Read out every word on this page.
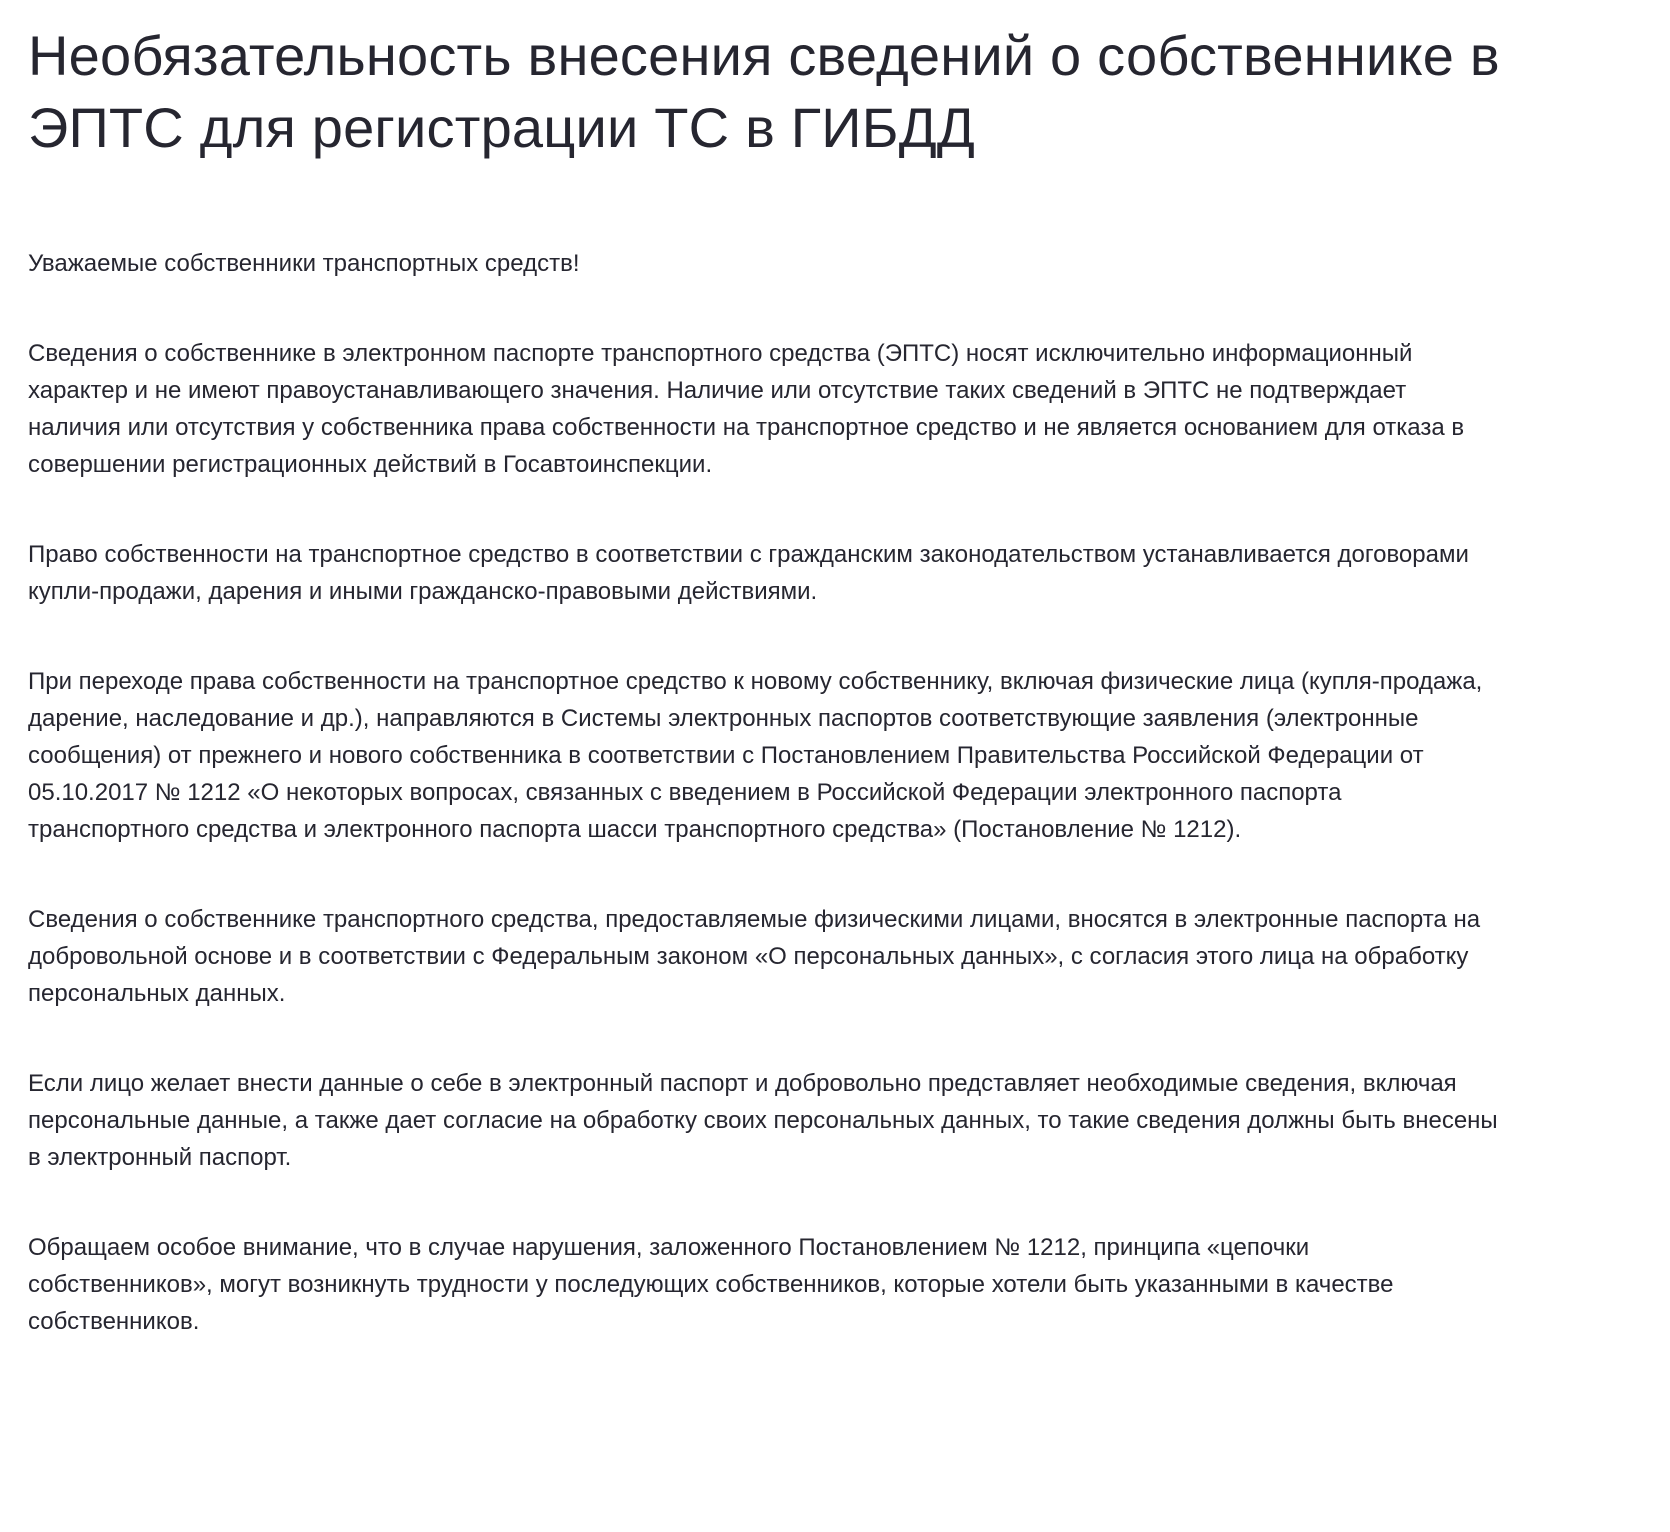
Необязательность внесения сведений о собственнике в ЭПТС для регистрации ТС в ГИБДД

Уважаемые собственники транспортных средств!

Сведения о собственнике в электронном паспорте транспортного средства (ЭПТС) носят исключительно информационный характер и не имеют правоустанавливающего значения. Наличие или отсутствие таких сведений в ЭПТС не подтверждает наличия или отсутствия у собственника права собственности на транспортное средство и не является основанием для отказа в совершении регистрационных действий в Госавтоинспекции.

Право собственности на транспортное средство в соответствии с гражданским законодательством устанавливается договорами купли-продажи, дарения и иными гражданско-правовыми действиями.

При переходе права собственности на транспортное средство к новому собственнику, включая физические лица (купля-продажа, дарение, наследование и др.), направляются в Системы электронных паспортов соответствующие заявления (электронные сообщения) от прежнего и нового собственника в соответствии с Постановлением Правительства Российской Федерации от 05.10.2017 № 1212 «О некоторых вопросах, связанных с введением в Российской Федерации электронного паспорта транспортного средства и электронного паспорта шасси транспортного средства» (Постановление № 1212).

Сведения о собственнике транспортного средства, предоставляемые физическими лицами, вносятся в электронные паспорта на добровольной основе и в соответствии с Федеральным законом «О персональных данных», с согласия этого лица на обработку персональных данных.

Если лицо желает внести данные о себе в электронный паспорт и добровольно представляет необходимые сведения, включая персональные данные, а также дает согласие на обработку своих персональных данных, то такие сведения должны быть внесены в электронный паспорт.

Обращаем особое внимание, что в случае нарушения, заложенного Постановлением № 1212, принципа «цепочки собственников», могут возникнуть трудности у последующих собственников, которые хотели быть указанными в качестве собственников.
